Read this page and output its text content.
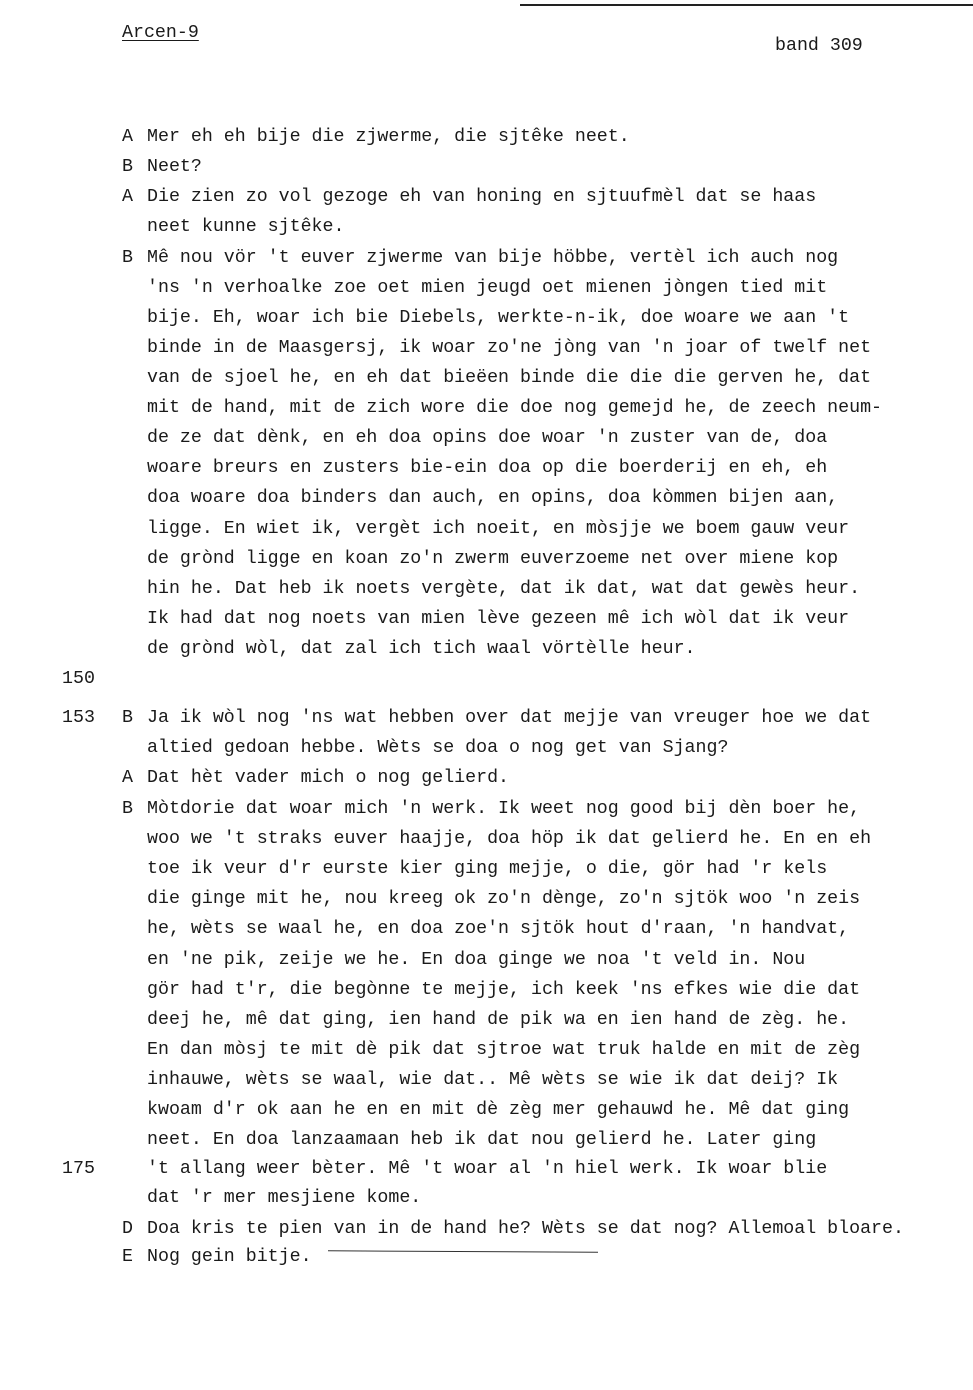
Arcen-9
band 309
150
153
175
A Mer eh eh bije die zjwerme, die sjtêke neet.
B Neet?
A Die zien zo vol gezoge eh van honing en sjtuufmèl dat se haas
neet kunne sjtêke.
B Mê nou vör 't euver zjwerme van bije höbbe, vertèl ich auch nog
'ns 'n verhoalke zoe oet mien jeugd oet mienen jòngen tied mit
bije. Eh, woar ich bie Diebels, werkte-n-ik, doe woare we aan 't
binde in de Maasgersj, ik woar zo'ne jòng van 'n joar of twelf net
van de sjoel he, en eh dat bieëen binde die die die gerven he, dat
mit de hand, mit de zich wore die doe nog gemejd he, de zeech neum-
de ze dat dènk, en eh doa opins doe woar 'n zuster van de, doa
woare breurs en zusters bie-ein doa op die boerderij en eh, eh
doa woare doa binders dan auch, en opins, doa kòmmen bijen aan,
ligge. En wiet ik, vergèt ich noeit, en mòsjje we boem gauw veur
de grònd ligge en koan zo'n zwerm euverzoeme net over miene kop
hin he. Dat heb ik noets vergète, dat ik dat, wat dat gewès heur.
Ik had dat nog noets van mien lève gezeen mê ich wòl dat ik veur
de grònd wòl, dat zal ich tich waal vörtèlle heur.
B Ja ik wòl nog 'ns wat hebben over dat mejje van vreuger hoe we dat
altied gedoan hebbe. Wèts se doa o nog get van Sjang?
A Dat hèt vader mich o nog gelierd.
B Mòtdorie dat woar mich 'n werk. Ik weet nog good bij dèn boer he,
woo we 't straks euver haajje, doa höp ik dat gelierd he. En en eh
toe ik veur d'r eurste kier ging mejje, o die, gör had 'r kels
die ginge mit he, nou kreeg ok zo'n dènge, zo'n sjtök woo 'n zeis
he, wèts se waal he, en doa zoe'n sjtök hout d'raan, 'n handvat,
en 'ne pik, zeije we he. En doa ginge we noa 't veld in. Nou
gör had t'r, die begònne te mejje, ich keek 'ns efkes wie die dat
deej he, mê dat ging, ien hand de pik wa en ien hand de zèg. he.
En dan mòsj te mit dè pik dat sjtroe wat truk halde en mit de zèg
inhauwe, wèts se waal, wie dat.. Mê wèts se wie ik dat deij? Ik
kwoam d'r ok aan he en en mit dè zèg mer gehauwd he. Mê dat ging
neet. En doa lanzaamaan heb ik dat nou gelierd he. Later ging
't allang weer bèter. Mê 't woar al 'n hiel werk. Ik woar blie
dat 'r mer mesjiene kome.
D Doa kris te pien van in de hand he? Wèts se dat nog? Allemoal bloare.
E Nog gein bitje.
